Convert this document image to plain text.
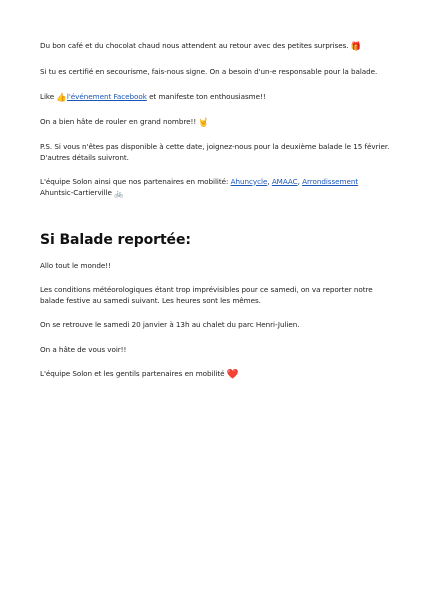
Du bon café et du chocolat chaud nous attendent au retour avec des petites surprises. 🎁

Si tu es certifié en secourisme, fais-nous signe. On a besoin d'un-e responsable pour la balade.

Like 👍l'événement Facebook et manifeste ton enthousiasme!!

On a bien hâte de rouler en grand nombre!! 🤘

P.S. Si vous n'êtes pas disponible à cette date, joignez-nous pour la deuxième balade le 15 février. D'autres détails suivront.

L'équipe Solon ainsi que nos partenaires en mobilité: Ahuncycle, AMAAC, Arrondissement Ahuntsic-Cartierville 🚲

Si Balade reportée:

Allo tout le monde!!

Les conditions météorologiques étant trop imprévisibles pour ce samedi, on va reporter notre balade festive au samedi suivant. Les heures sont les mêmes.

On se retrouve le samedi 20 janvier à 13h au chalet du parc Henri-Julien.

On a hâte de vous voir!!

L'équipe Solon et les gentils partenaires en mobilité ❤️
